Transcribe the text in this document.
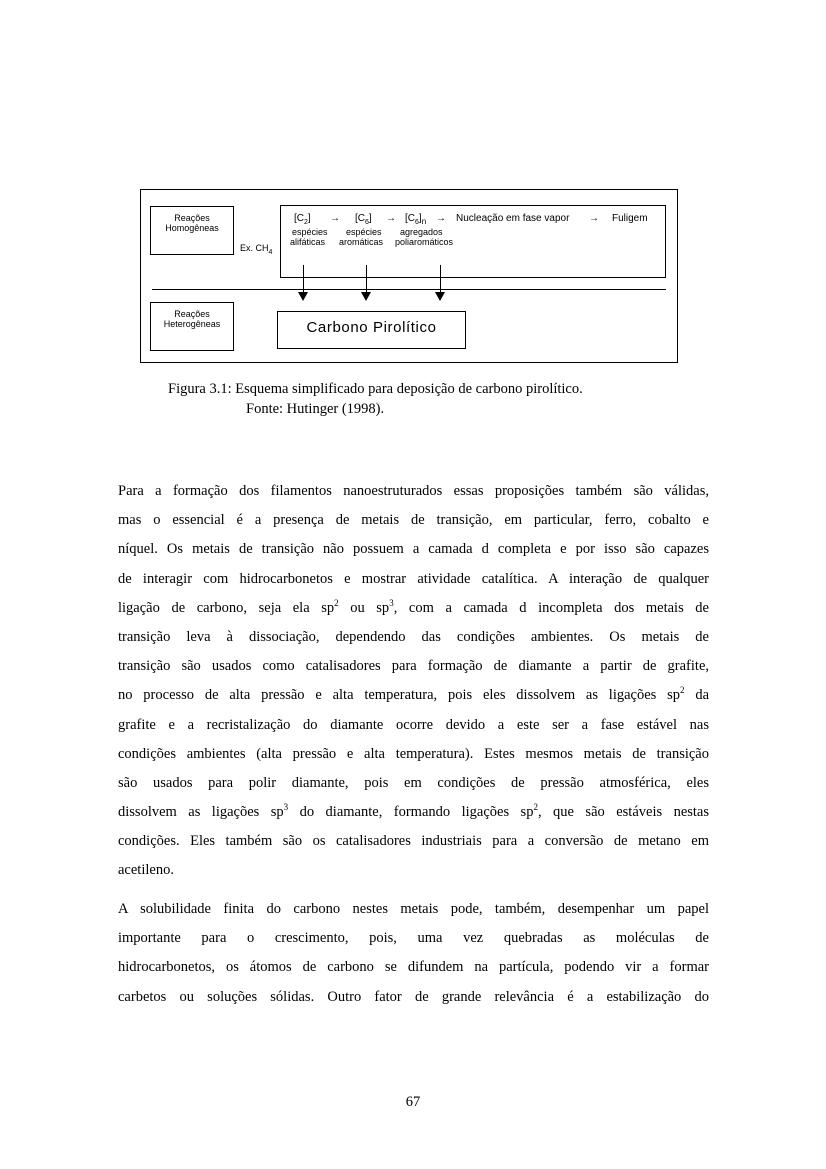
Reações
Homogêneas
Ex. $CH_4$
$[C_2] \to [C_6] \to [C_6]_n$ → Nucleação em fase vapor → Fuligem
espécies
alifáticas
espécies
aromáticas
agregados
poliaromáticos
Reações
Heterogêneas	Carbono Pirolítico
Figura 3.1: Esquema simplificado para deposição de carbono pirolítico.
Fonte: Hutinger (1998).
Para a formação dos filamentos nanoestruturados essas proposições também são válidas,
mas o essencial é a presença de metais de transição, em particular, ferro, cobalto e
níquel. Os metais de transição não possuem a camada d completa e por isso são capazes
de interagir com hidrocarbonetos e mostrar atividade catalítica. A interação de qualquer
ligação de carbono, seja ela $sp^2$ ou $sp^3$, com a camada d incompleta dos metais de
transição leva à dissociação, dependendo das condições ambientes. Os metais de
transição são usados como catalisadores para formação de diamante a partir de grafite,
no processo de alta pressão e alta temperatura, pois eles dissolvem as ligações $sp^2$ da
grafite e a recristalização do diamante ocorre devido a este ser a fase estável nas
condições ambientes (alta pressão e alta temperatura). Estes mesmos metais de transição
são usados para polir diamante, pois em condições de pressão atmosférica, eles
dissolvem as ligações $sp^3$ do diamante, formando ligações $sp^2$, que são estáveis nestas
condições. Eles também são os catalisadores industriais para a conversão de metano em
acetileno.
A solubilidade finita do carbono nestes metais pode, também, desempenhar um papel
importante para o crescimento, pois, uma vez quebradas as moléculas de
hidrocarbonetos, os átomos de carbono se difundem na partícula, podendo vir a formar
carbetos ou soluções sólidas. Outro fator de grande relevância é a estabilização do
67
